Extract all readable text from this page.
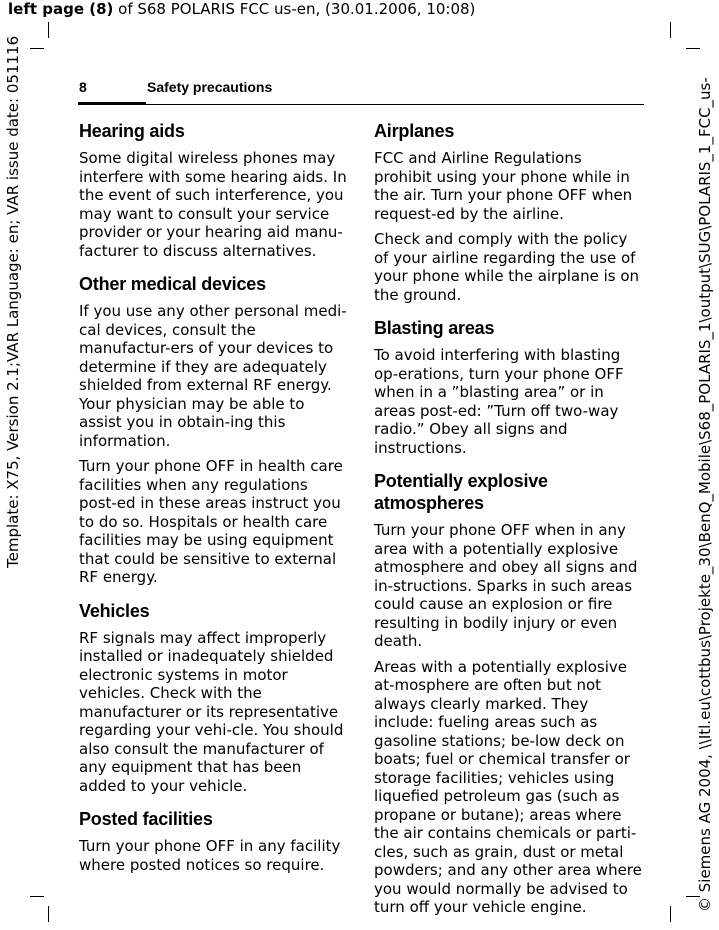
left page (8) of S68 POLARIS FCC us-en, (30.01.2006, 10:08)
Template: X75, Version 2.1;VAR Language: en; VAR issue date: 051116	© Siemens AG 2004, \\Itl.eu\cottbus\Projekte_30\BenQ_Mobile\S68_POLARIS_1\output\SUG\POLARIS_1_FCC_us-
8	Safety precautions
Hearing aids

Some digital wireless phones may interfere with some hearing aids. In the event of such interference, you may want to consult your service provider or your hearing aid manu-facturer to discuss alternatives.

Other medical devices

If you use any other personal medi-cal devices, consult the manufactur-ers of your devices to determine if they are adequately shielded from external RF energy. Your physician may be able to assist you in obtain-ing this information.

Turn your phone OFF in health care facilities when any regulations post-ed in these areas instruct you to do so. Hospitals or health care facilities may be using equipment that could be sensitive to external RF energy.

Vehicles

RF signals may affect improperly installed or inadequately shielded electronic systems in motor vehicles. Check with the manufacturer or its representative regarding your vehi-cle. You should also consult the manufacturer of any equipment that has been added to your vehicle.

Posted facilities

Turn your phone OFF in any facility where posted notices so require.

Airplanes

FCC and Airline Regulations prohibit using your phone while in the air. Turn your phone OFF when request-ed by the airline.

Check and comply with the policy of your airline regarding the use of your phone while the airplane is on the ground.

Blasting areas

To avoid interfering with blasting op-erations, turn your phone OFF when in a ”blasting area” or in areas post-ed: ”Turn off two-way radio.” Obey all signs and instructions.

Potentially explosive atmospheres

Turn your phone OFF when in any area with a potentially explosive atmosphere and obey all signs and in-structions. Sparks in such areas could cause an explosion or fire resulting in bodily injury or even death.

Areas with a potentially explosive at-mosphere are often but not always clearly marked. They include: fueling areas such as gasoline stations; be-low deck on boats; fuel or chemical transfer or storage facilities; vehicles using liquefied petroleum gas (such as propane or butane); areas where the air contains chemicals or parti-cles, such as grain, dust or metal powders; and any other area where you would normally be advised to turn off your vehicle engine.
